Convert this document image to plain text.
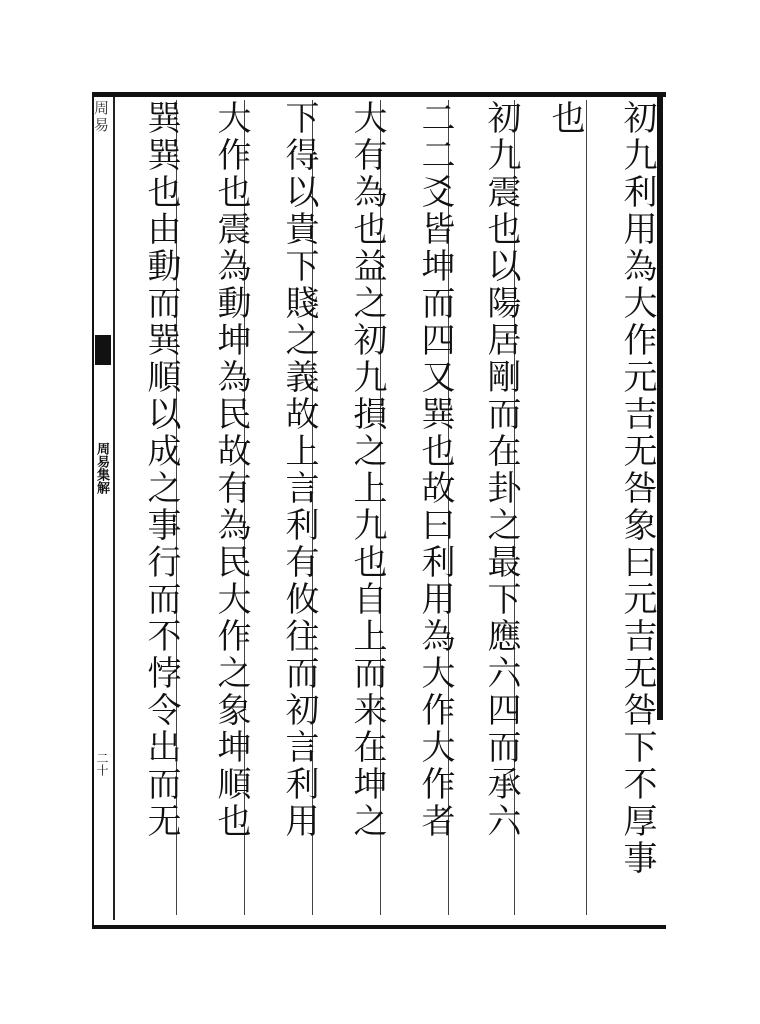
周易
周易集解
二十	初九利用為大作元吉无咎象曰元吉无咎下不厚事
也
初九震也以陽居剛而在卦之最下應六四而承六
二二爻皆坤而四又巽也故曰利用為大作大作者
大有為也益之初九損之上九也自上而来在坤之
下得以貴下賤之義故上言利有攸往而初言利用
大作也震為動坤為民故有為民大作之象坤順也
巽巽也由動而巽順以成之事行而不悖令出而无
